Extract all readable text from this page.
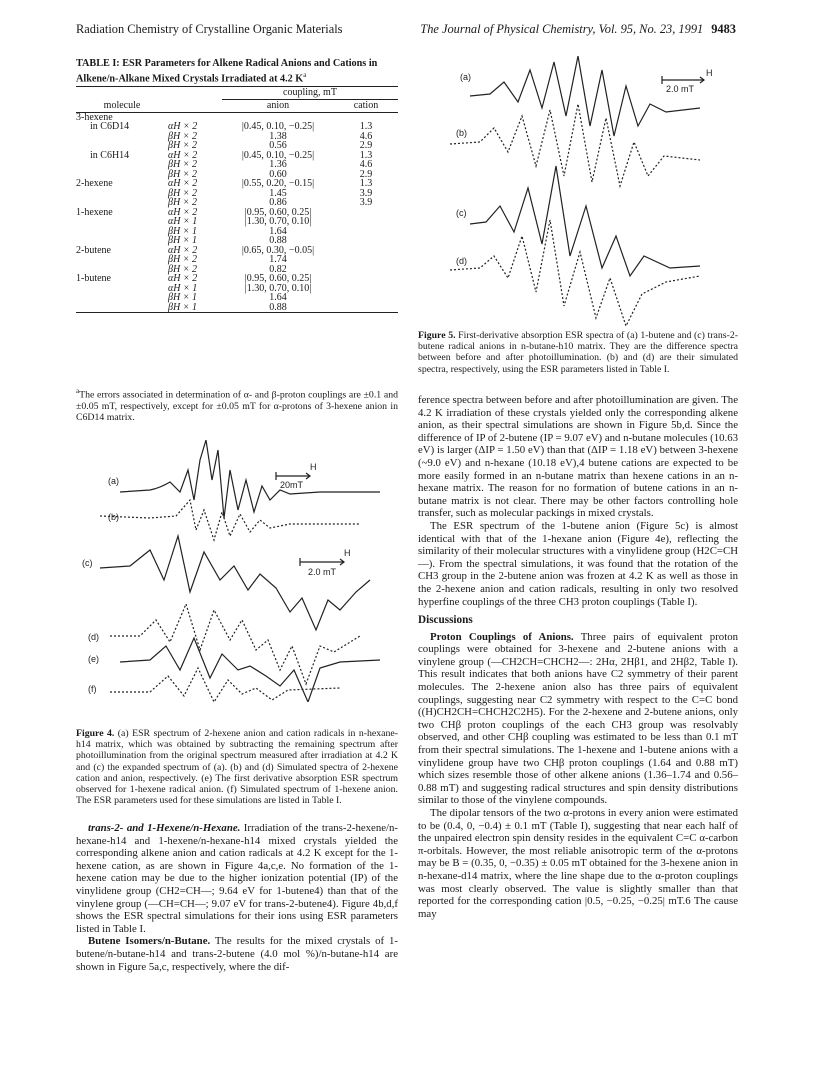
Radiation Chemistry of Crystalline Organic Materials	The Journal of Physical Chemistry, Vol. 95, No. 23, 1991 9483
TABLE I: ESR Parameters for Alkene Radical Anions and Cations in Alkene/n-Alkane Mixed Crystals Irradiated at 4.2 $K^a$
		coupling, mT	
molecule		anion	cation
3-hexene			
in C6D14	αH × 2	|0.45, 0.10, −0.25|	1.3
	βH × 2	1.38	4.6
	βH × 2	0.56	2.9
in C6H14	αH × 2	|0.45, 0.10, −0.25|	1.3
	βH × 2	1.36	4.6
	βH × 2	0.60	2.9
2-hexene	αH × 2	|0.55, 0.20, −0.15|	1.3
	βH × 2	1.45	3.9
	βH × 2	0.86	3.9
1-hexene	αH × 2	|0.95, 0.60, 0.25|	
	αH × 1	|1.30, 0.70, 0.10|	
	βH × 1	1.64	
	βH × 1	0.88	
2-butene	αH × 2	|0.65, 0.30, −0.05|	
	βH × 2	1.74	
	βH × 2	0.82	
1-butene	αH × 2	|0.95, 0.60, 0.25|	
	αH × 1	|1.30, 0.70, 0.10|	
	βH × 1	1.64	
	βH × 1	0.88	
$^a$The errors associated in determination of α- and β-proton couplings are ±0.1 and ±0.05 mT, respectively, except for ±0.05 mT for α-protons of 3-hexene anion in C6D14 matrix.
(a)
(b)
(c)
(d)
(e)
(f)
H
20mT
H
2.0 mT
Figure 4. (a) ESR spectrum of 2-hexene anion and cation radicals in n-hexane-h14 matrix, which was obtained by subtracting the remaining spectrum after photoillumination from the original spectrum measured after irradiation at 4.2 K and (c) the expanded spectrum of (a). (b) and (d) Simulated spectra of 2-hexene cation and anion, respectively. (e) The first derivative absorption ESR spectrum observed for 1-hexene radical anion. (f) Simulated spectrum of 1-hexene anion. The ESR parameters used for these simulations are listed in Table I.

trans-2- and 1-Hexene/n-Hexane. Irradiation of the trans-2-hexene/n-hexane-h14 and 1-hexene/n-hexane-h14 mixed crystals yielded the corresponding alkene anion and cation radicals at 4.2 K except for the 1-hexene cation, as are shown in Figure 4a,c,e. No formation of the 1-hexene cation may be due to the higher ionization potential (IP) of the vinylidene group (CH2=CH—; 9.64 eV for 1-butene4) than that of the vinylene group (—CH=CH—; 9.07 eV for trans-2-butene4). Figure 4b,d,f shows the ESR spectral simulations for their ions using ESR parameters listed in Table I.

Butene Isomers/n-Butane. The results for the mixed crystals of 1-butene/n-butane-h14 and trans-2-butene (4.0 mol %)/n-butane-h14 are shown in Figure 5a,c, respectively, where the dif-

(a)
(b)
(c)
(d)
H
2.0 mT
Figure 5. First-derivative absorption ESR spectra of (a) 1-butene and (c) trans-2-butene radical anions in n-butane-h10 matrix. They are the difference spectra between before and after photoillumination. (b) and (d) are their simulated spectra, respectively, using the ESR parameters listed in Table I.

ference spectra between before and after photoillumination are given. The 4.2 K irradiation of these crystals yielded only the corresponding alkene anion, as their spectral simulations are shown in Figure 5b,d. Since the difference of IP of 2-butene (IP = 9.07 eV) and n-butane molecules (10.63 eV) is larger (ΔIP = 1.50 eV) than that (ΔIP = 1.18 eV) between 3-hexene (~9.0 eV) and n-hexane (10.18 eV),4 butene cations are expected to be more easily formed in an n-butane matrix than hexene cations in an n-hexane matrix. The reason for no formation of butene cations in an n-butane matrix is not clear. There may be other factors controlling hole transfer, such as molecular packings in mixed crystals.

The ESR spectrum of the 1-butene anion (Figure 5c) is almost identical with that of the 1-hexane anion (Figure 4e), reflecting the similarity of their molecular structures with a vinylidene group (H2C=CH—). From the spectral simulations, it was found that the rotation of the CH3 group in the 2-butene anion was frozen at 4.2 K as well as those in the 2-hexene anion and cation radicals, resulting in only two resolved hyperfine couplings of the three CH3 proton couplings (Table I).

Discussions

Proton Couplings of Anions. Three pairs of equivalent proton couplings were obtained for 3-hexene and 2-butene anions with a vinylene group (—CH2CH=CHCH2—: 2Hα, 2Hβ1, and 2Hβ2, Table I). This result indicates that both anions have C2 symmetry of their parent molecules. The 2-hexene anion also has three pairs of equivalent couplings, suggesting near C2 symmetry with respect to the C=C bond ((H)CH2CH=CHCH2C2H5). For the 2-hexene and 2-butene anions, only two CHβ proton couplings of the each CH3 group was resolvably observed, and other CHβ coupling was estimated to be less than 0.1 mT from their spectral simulations. The 1-hexene and 1-butene anions with a vinylidene group have two CHβ proton couplings (1.64 and 0.88 mT) which sizes resemble those of other alkene anions (1.36–1.74 and 0.56–0.88 mT) and suggesting radical structures and spin density distributions similar to those of the vinylene compounds.

The dipolar tensors of the two α-protons in every anion were estimated to be (0.4, 0, −0.4) ± 0.1 mT (Table I), suggesting that near each half of the unpaired electron spin density resides in the equivalent C=C α-carbon π-orbitals. However, the most reliable anisotropic term of the α-protons may be B = (0.35, 0, −0.35) ± 0.05 mT obtained for the 3-hexene anion in n-hexane-d14 matrix, where the line shape due to the α-proton couplings was most clearly observed. The value is slightly smaller than that reported for the corresponding cation |0.5, −0.25, −0.25| mT.6 The cause may
